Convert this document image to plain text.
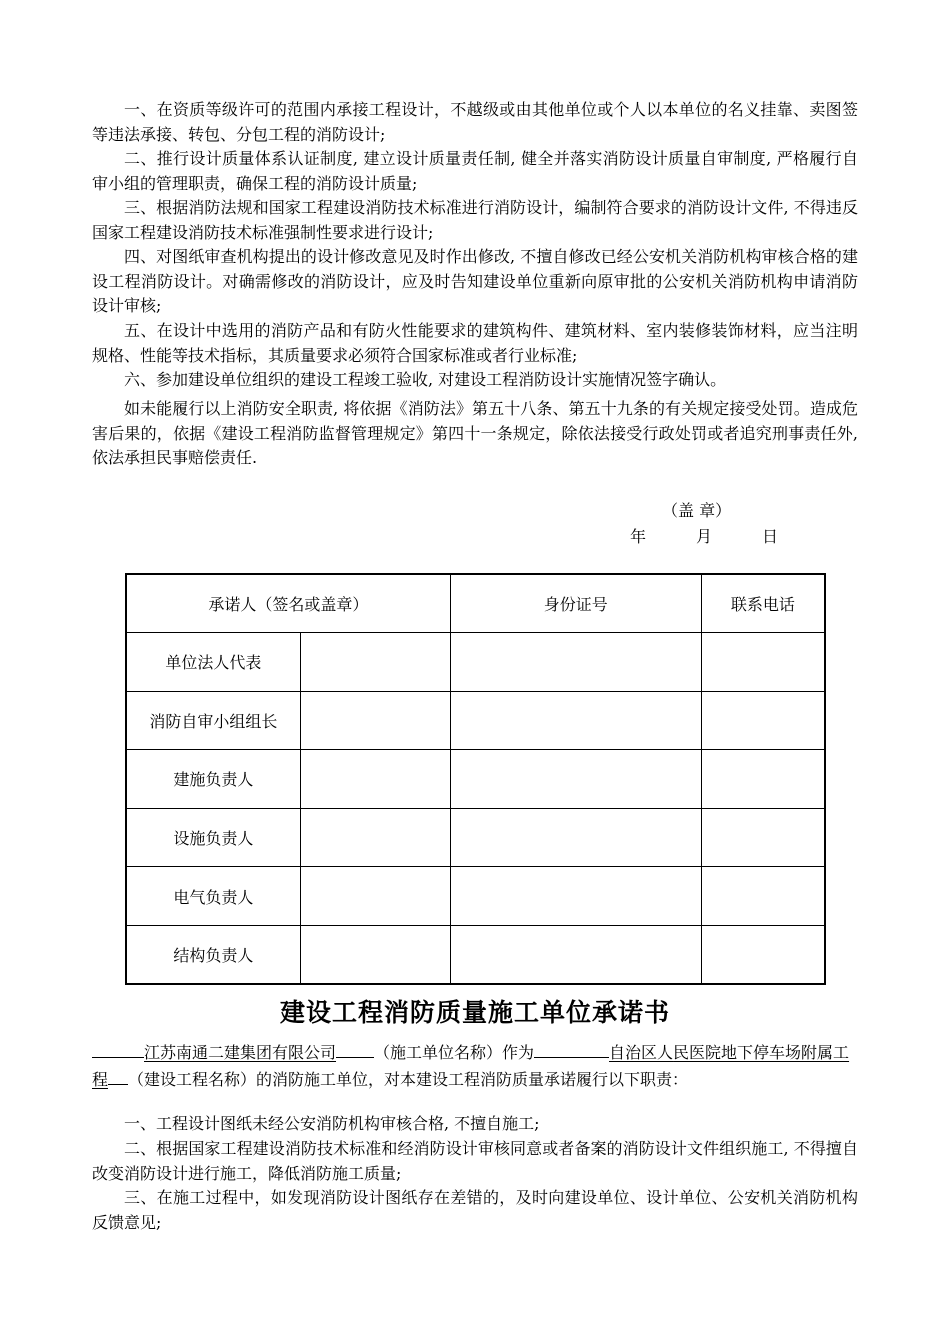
一、在资质等级许可的范围内承接工程设计，不越级或由其他单位或个人以本单位的名义挂靠、卖图签等违法承接、转包、分包工程的消防设计;

二、推行设计质量体系认证制度, 建立设计质量责任制, 健全并落实消防设计质量自审制度, 严格履行自审小组的管理职责，确保工程的消防设计质量;

三、根据消防法规和国家工程建设消防技术标准进行消防设计，编制符合要求的消防设计文件, 不得违反国家工程建设消防技术标准强制性要求进行设计;

四、对图纸审查机构提出的设计修改意见及时作出修改, 不擅自修改已经公安机关消防机构审核合格的建设工程消防设计。对确需修改的消防设计，应及时告知建设单位重新向原审批的公安机关消防机构申请消防设计审核;

五、在设计中选用的消防产品和有防火性能要求的建筑构件、建筑材料、室内装修装饰材料，应当注明规格、性能等技术指标，其质量要求必须符合国家标准或者行业标准;

六、参加建设单位组织的建设工程竣工验收, 对建设工程消防设计实施情况签字确认。

如未能履行以上消防安全职责, 将依据《消防法》第五十八条、第五十九条的有关规定接受处罚。造成危害后果的，依据《建设工程消防监督管理规定》第四十一条规定，除依法接受行政处罚或者追究刑事责任外, 依法承担民事赔偿责任.

（盖 章）
年	月	日
承诺人（签名或盖章）		身份证号	联系电话
单位法人代表			
消防自审小组组长			
建施负责人			
设施负责人			
电气负责人			
结构负责人			
建设工程消防质量施工单位承诺书

江苏南通二建集团有限公司 （施工单位名称）作为	自治区人民医院地下停车场附属工程 （建设工程名称）的消防施工单位，对本建设工程消防质量承诺履行以下职责：

一、工程设计图纸未经公安消防机构审核合格, 不擅自施工;

二、根据国家工程建设消防技术标准和经消防设计审核同意或者备案的消防设计文件组织施工, 不得擅自改变消防设计进行施工，降低消防施工质量;

三、在施工过程中，如发现消防设计图纸存在差错的，及时向建设单位、设计单位、公安机关消防机构反馈意见;
